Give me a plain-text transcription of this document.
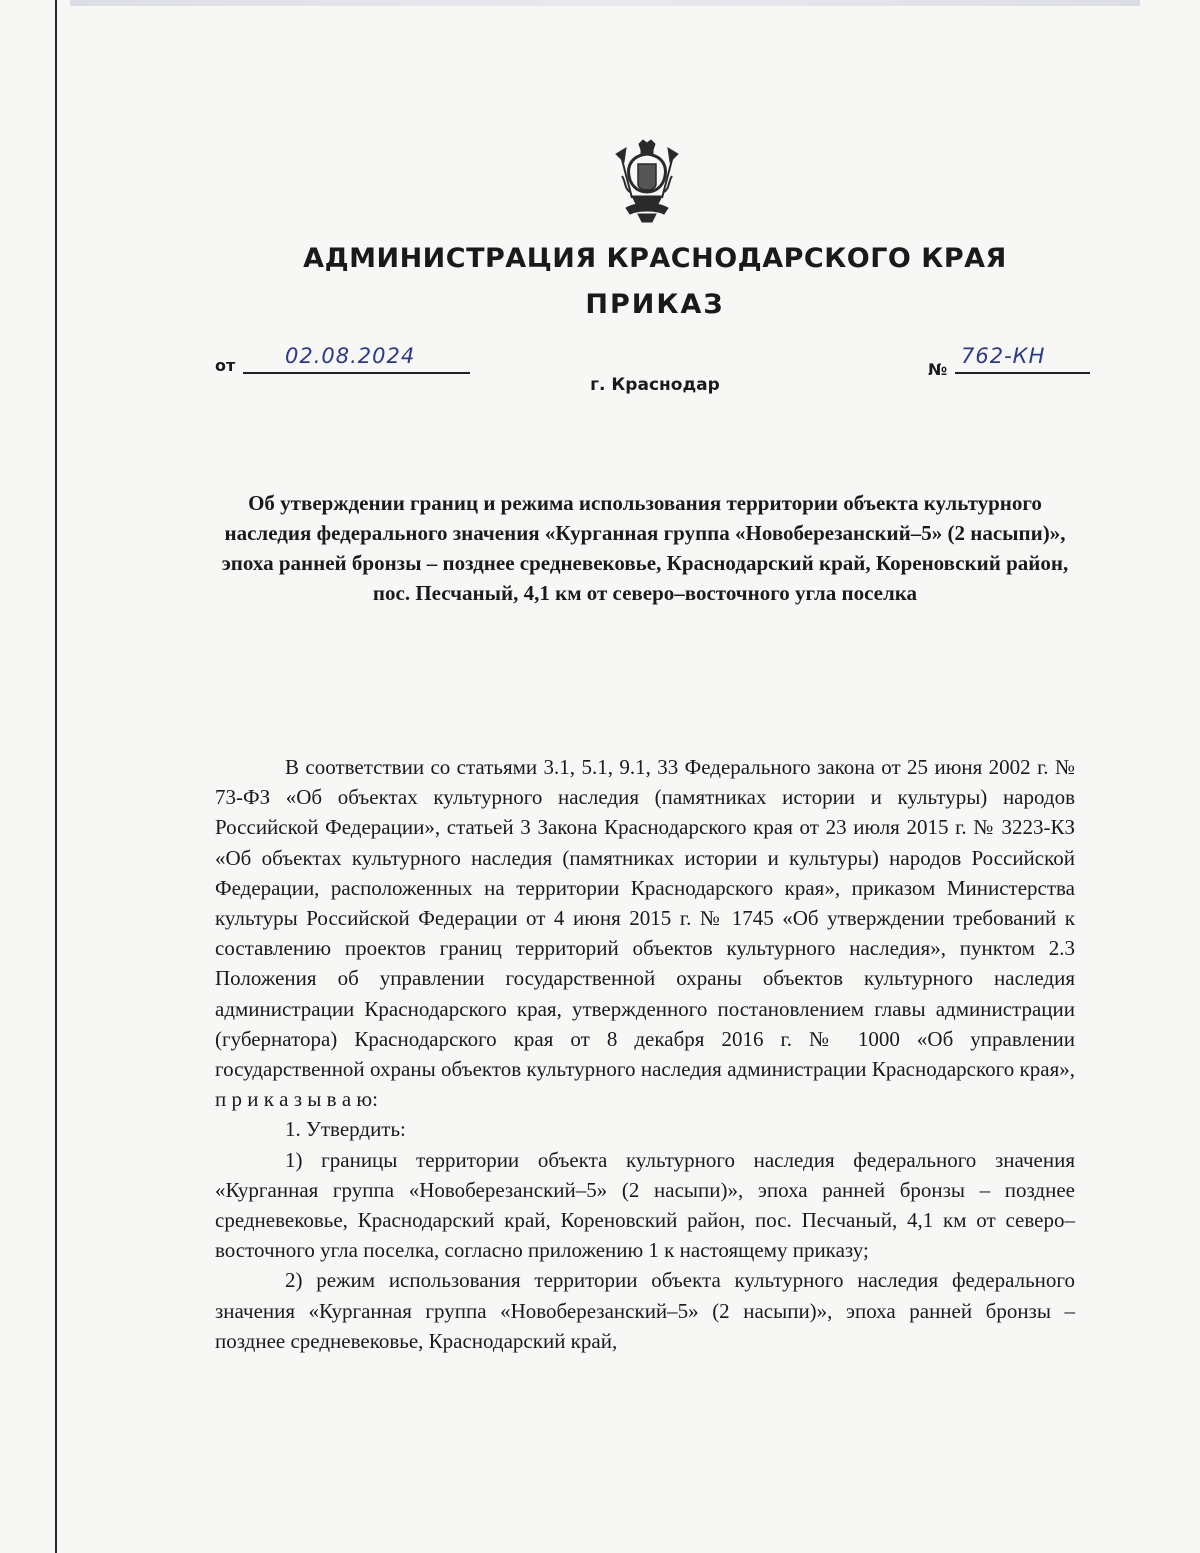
АДМИНИСТРАЦИЯ КРАСНОДАРСКОГО КРАЯ
ПРИКАЗ
от 02.08.2024
г. Краснодар
№
762-КН
Об утверждении границ и режима использования территории объекта культурного наследия федерального значения «Курганная группа «Новоберезанский–5» (2 насыпи)», эпоха ранней бронзы – позднее средневековье, Краснодарский край, Кореновский район, пос. Песчаный, 4,1 км от северо–восточного угла поселка

В соответствии со статьями 3.1, 5.1, 9.1, 33 Федерального закона от 25 июня 2002 г. № 73-ФЗ «Об объектах культурного наследия (памятниках истории и культуры) народов Российской Федерации», статьей 3 Закона Краснодарского края от 23 июля 2015 г. № 3223-КЗ «Об объектах культурного наследия (памятниках истории и культуры) народов Российской Федерации, расположенных на территории Краснодарского края», приказом Министерства культуры Российской Федерации от 4 июня 2015 г. № 1745 «Об утверждении требований к составлению проектов границ территорий объектов культурного наследия», пунктом 2.3 Положения об управлении государственной охраны объектов культурного наследия администрации Краснодарского края, утвержденного постановлением главы администрации (губернатора) Краснодарского края от 8 декабря 2016 г. № 1000 «Об управлении государственной охраны объектов культурного наследия администрации Краснодарского края», п р и к а з ы в а ю:

1. Утвердить:

1) границы территории объекта культурного наследия федерального значения «Курганная группа «Новоберезанский–5» (2 насыпи)», эпоха ранней бронзы – позднее средневековье, Краснодарский край, Кореновский район, пос. Песчаный, 4,1 км от северо–восточного угла поселка, согласно приложению 1 к настоящему приказу;

2) режим использования территории объекта культурного наследия федерального значения «Курганная группа «Новоберезанский–5» (2 насыпи)», эпоха ранней бронзы – позднее средневековье, Краснодарский край,
